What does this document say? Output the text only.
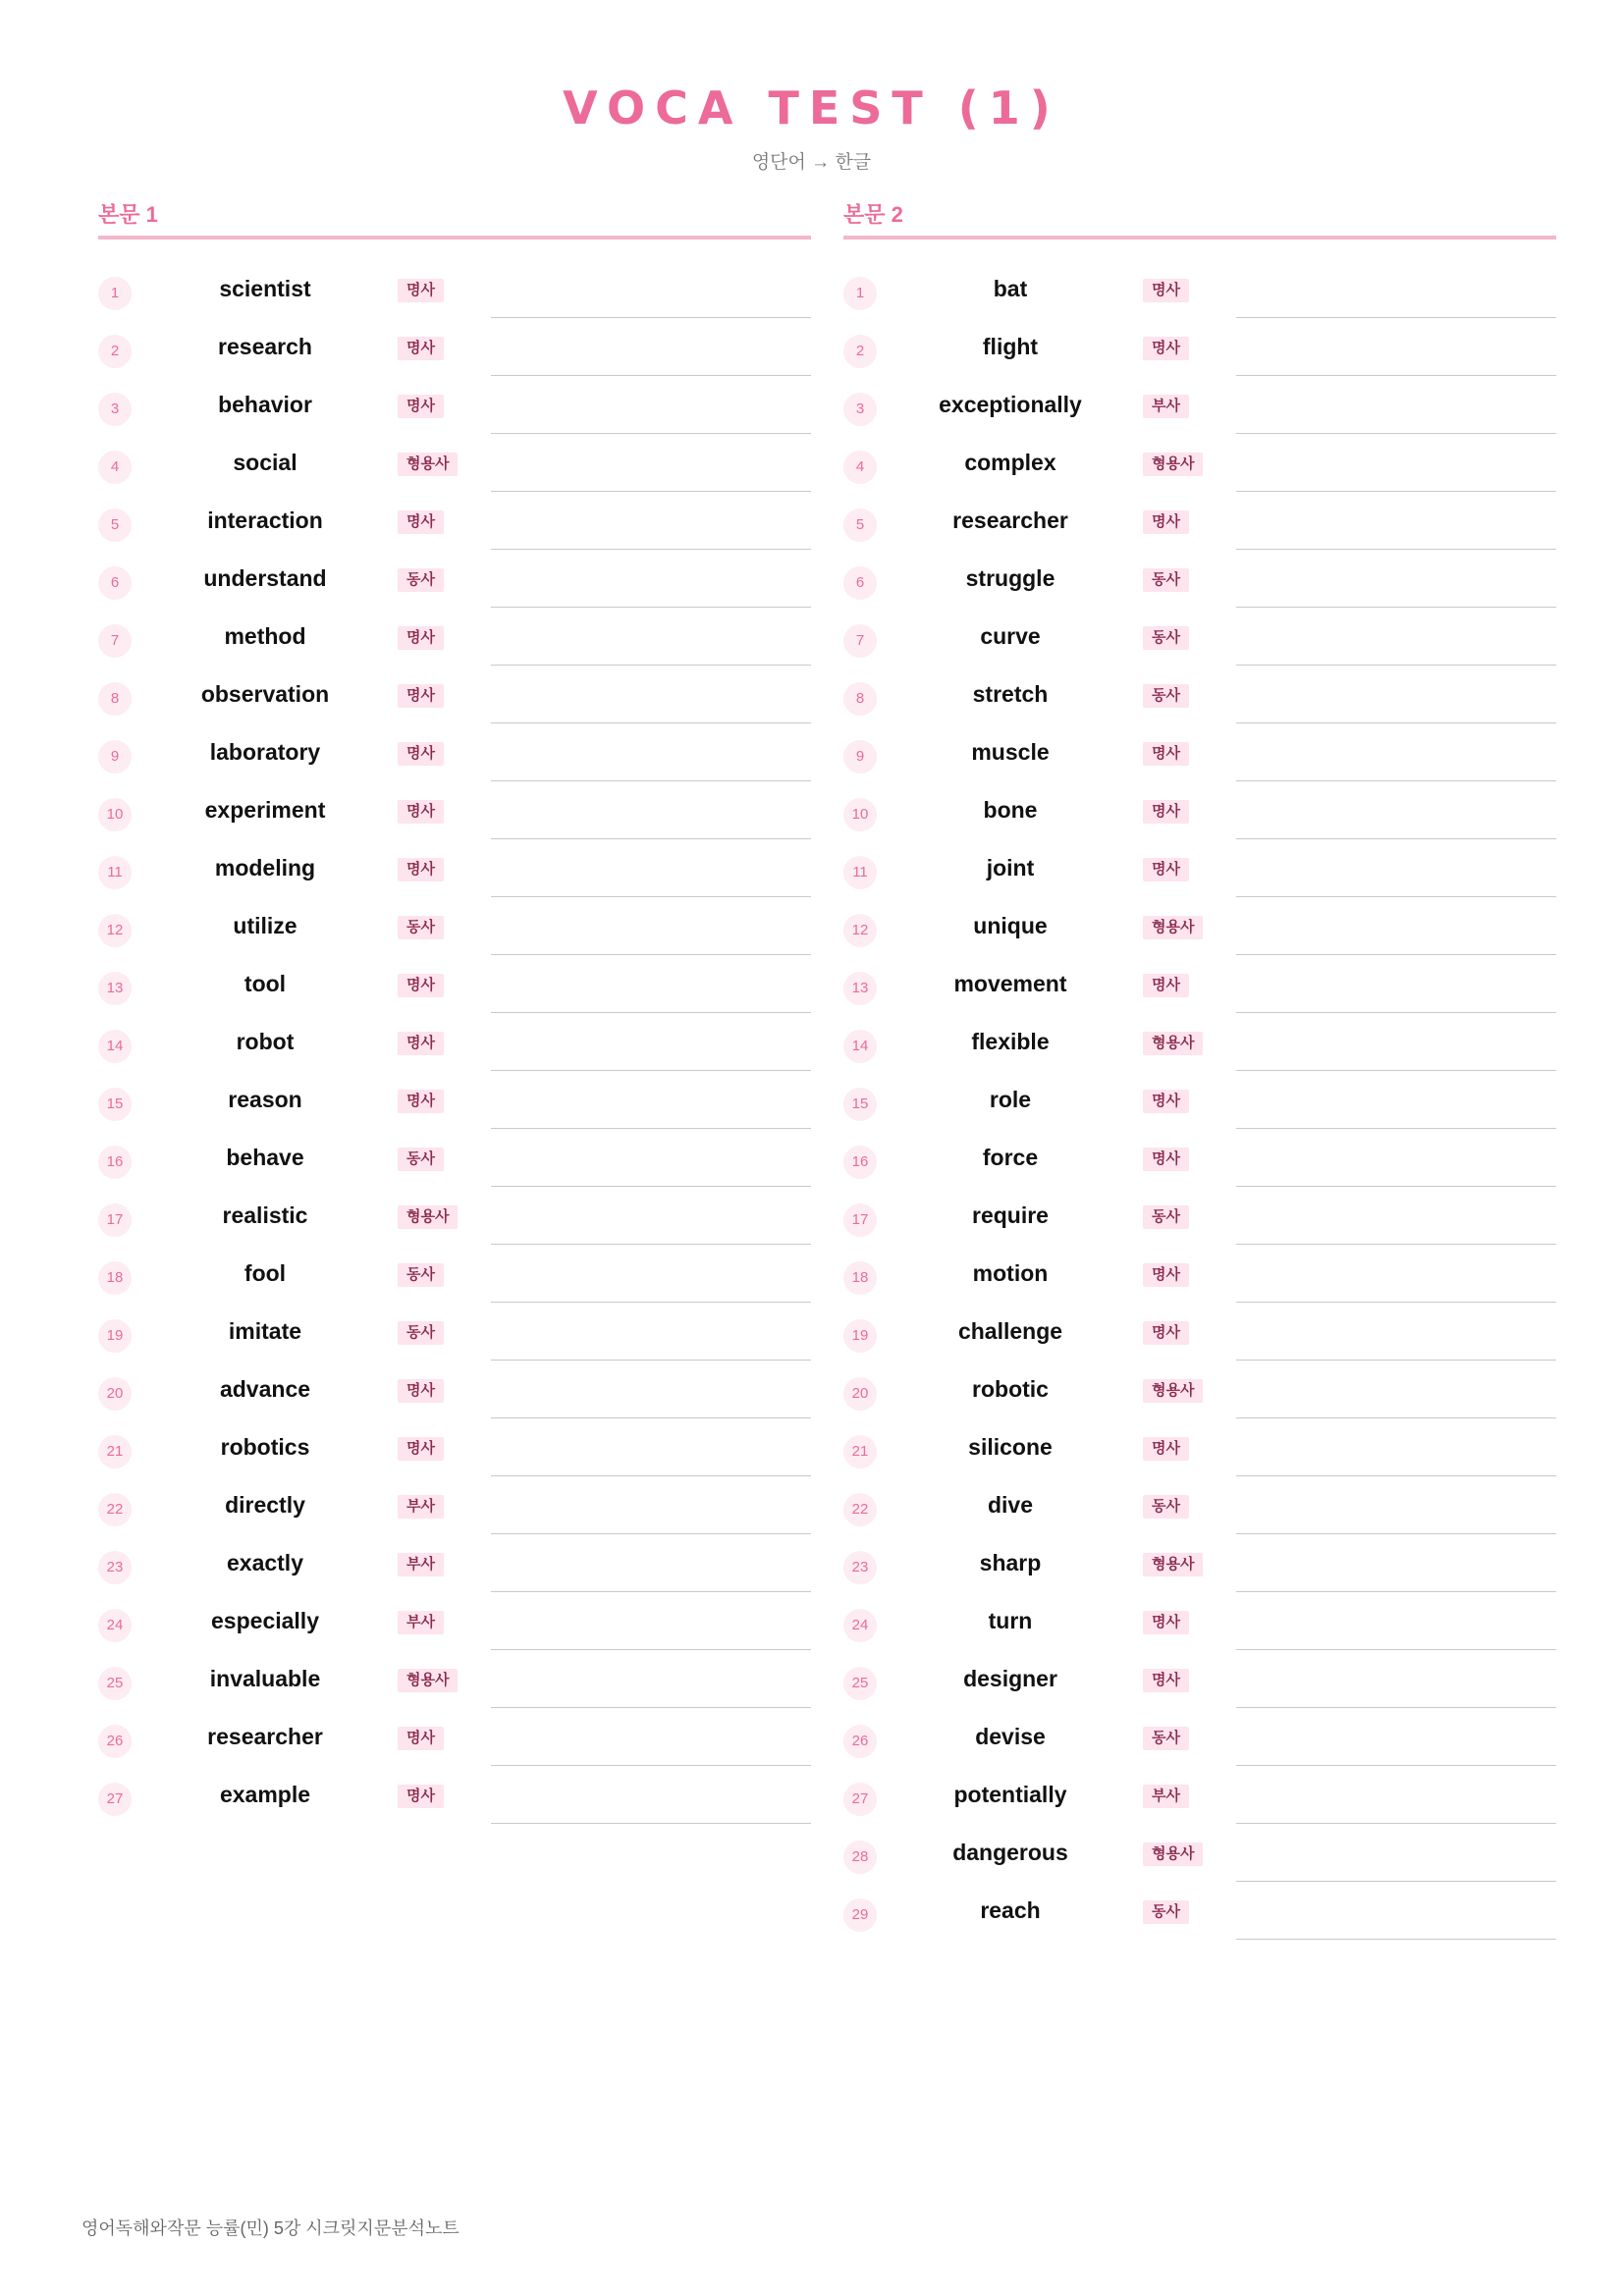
VOCA TEST (1)
영단어 → 한글
본문 1
1	scientist	명사
2	research	명사
3	behavior	명사
4	social	형용사
5	interaction	명사
6	understand	동사
7	method	명사
8	observation	명사
9	laboratory	명사
10	experiment	명사
11	modeling	명사
12	utilize	동사
13	tool	명사
14	robot	명사
15	reason	명사
16	behave	동사
17	realistic	형용사
18	fool	동사
19	imitate	동사
20	advance	명사
21	robotics	명사
22	directly	부사
23	exactly	부사
24	especially	부사
25	invaluable	형용사
26	researcher	명사
27	example	명사
본문 2
1	bat	명사
2	flight	명사
3	exceptionally	부사
4	complex	형용사
5	researcher	명사
6	struggle	동사
7	curve	동사
8	stretch	동사
9	muscle	명사
10	bone	명사
11	joint	명사
12	unique	형용사
13	movement	명사
14	flexible	형용사
15	role	명사
16	force	명사
17	require	동사
18	motion	명사
19	challenge	명사
20	robotic	형용사
21	silicone	명사
22	dive	동사
23	sharp	형용사
24	turn	명사
25	designer	명사
26	devise	동사
27	potentially	부사
28	dangerous	형용사
29	reach	동사
영어독해와작문 능률(민) 5강 시크릿지문분석노트
